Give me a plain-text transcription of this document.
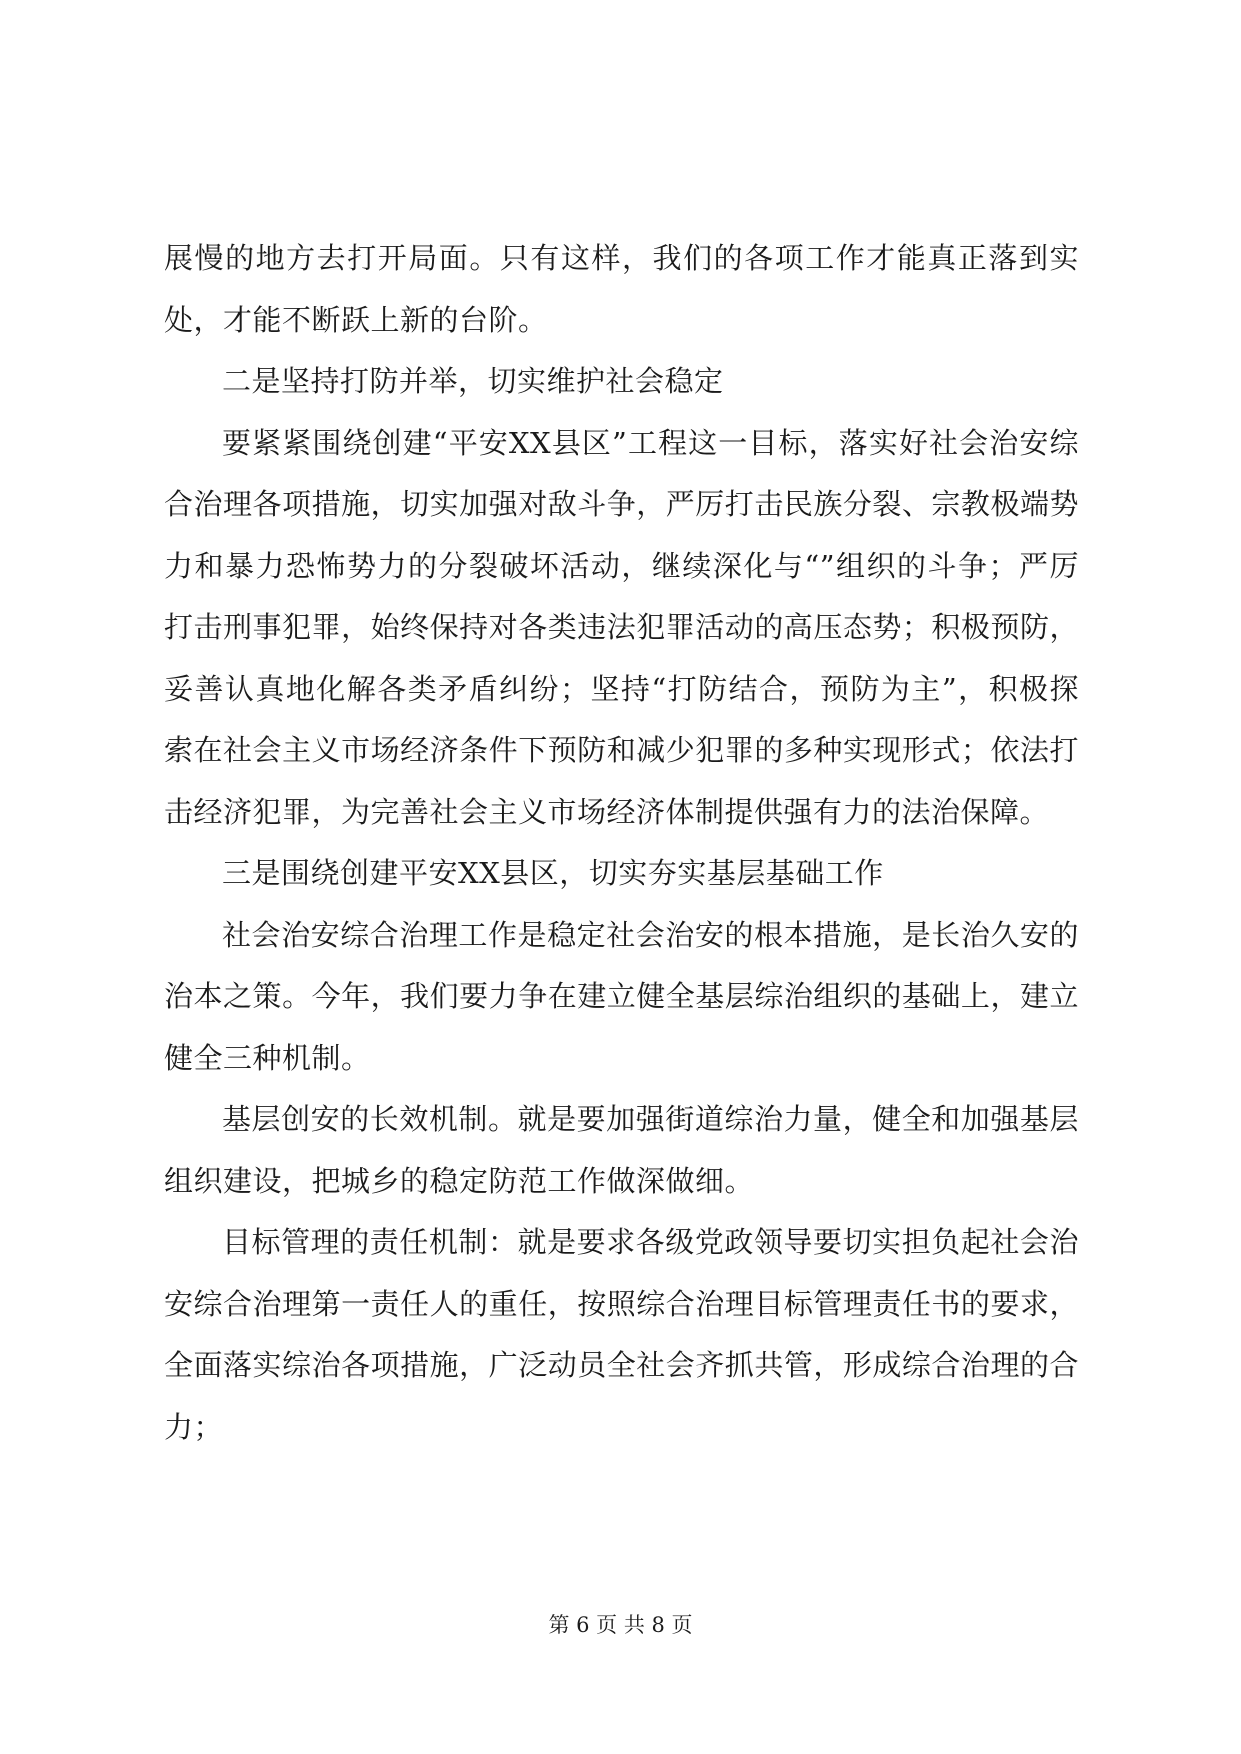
展慢的地方去打开局面。只有这样，我们的各项工作才能真正落到实处，才能不断跃上新的台阶。

二是坚持打防并举，切实维护社会稳定

要紧紧围绕创建“平安XX县区”工程这一目标，落实好社会治安综合治理各项措施，切实加强对敌斗争，严厉打击民族分裂、宗教极端势力和暴力恐怖势力的分裂破坏活动，继续深化与“”组织的斗争；严厉打击刑事犯罪，始终保持对各类违法犯罪活动的高压态势；积极预防，妥善认真地化解各类矛盾纠纷；坚持“打防结合，预防为主”，积极探索在社会主义市场经济条件下预防和减少犯罪的多种实现形式；依法打击经济犯罪，为完善社会主义市场经济体制提供强有力的法治保障。

三是围绕创建平安XX县区，切实夯实基层基础工作

社会治安综合治理工作是稳定社会治安的根本措施，是长治久安的治本之策。今年，我们要力争在建立健全基层综治组织的基础上，建立健全三种机制。

基层创安的长效机制。就是要加强街道综治力量，健全和加强基层组织建设，把城乡的稳定防范工作做深做细。

目标管理的责任机制：就是要求各级党政领导要切实担负起社会治安综合治理第一责任人的重任，按照综合治理目标管理责任书的要求，全面落实综治各项措施，广泛动员全社会齐抓共管，形成综合治理的合力；

第 6 页 共 8 页
